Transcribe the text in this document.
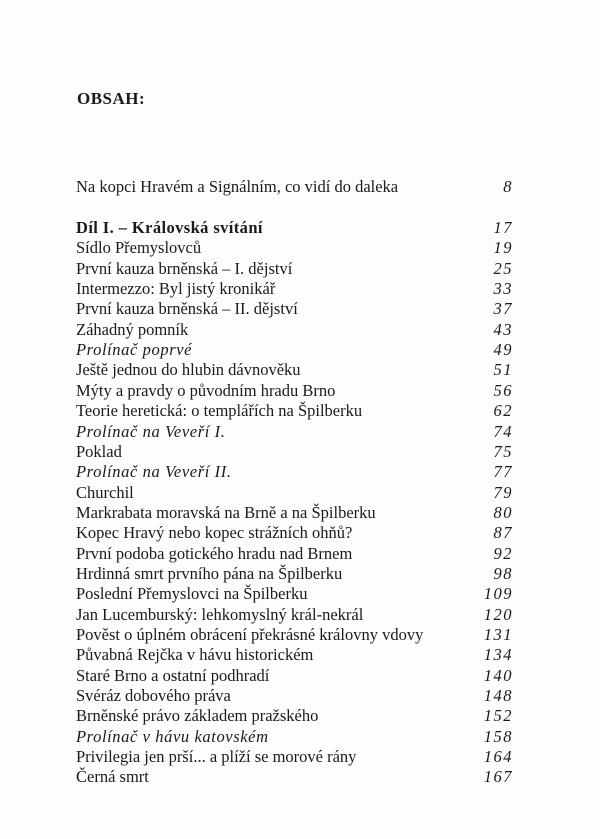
OBSAH:
Na kopci Hravém a Signálním, co vidí do daleka	8
Díl I. – Královská svítání	17
Sídlo Přemyslovců	19
První kauza brněnská – I. dějství	25
Intermezzo: Byl jistý kronikář	33
První kauza brněnská – II. dějství	37
Záhadný pomník	43
Prolínač poprvé	49
Ještě jednou do hlubin dávnověku	51
Mýty a pravdy o původním hradu Brno	56
Teorie heretická: o templářích na Špilberku	62
Prolínač na Veveří I.	74
Poklad	75
Prolínač na Veveří II.	77
Churchil	79
Markrabata moravská na Brně a na Špilberku	80
Kopec Hravý nebo kopec strážních ohňů?	87
První podoba gotického hradu nad Brnem	92
Hrdinná smrt prvního pána na Špilberku	98
Poslední Přemyslovci na Špilberku	109
Jan Lucemburský: lehkomyslný král-nekrál	120
Pověst o úplném obrácení překrásné královny vdovy	131
Půvabná Rejčka v hávu historickém	134
Staré Brno a ostatní podhradí	140
Svéráz dobového práva	148
Brněnské právo základem pražského	152
Prolínač v hávu katovském	158
Privilegia jen prší... a plíží se morové rány	164
Černá smrt	167
